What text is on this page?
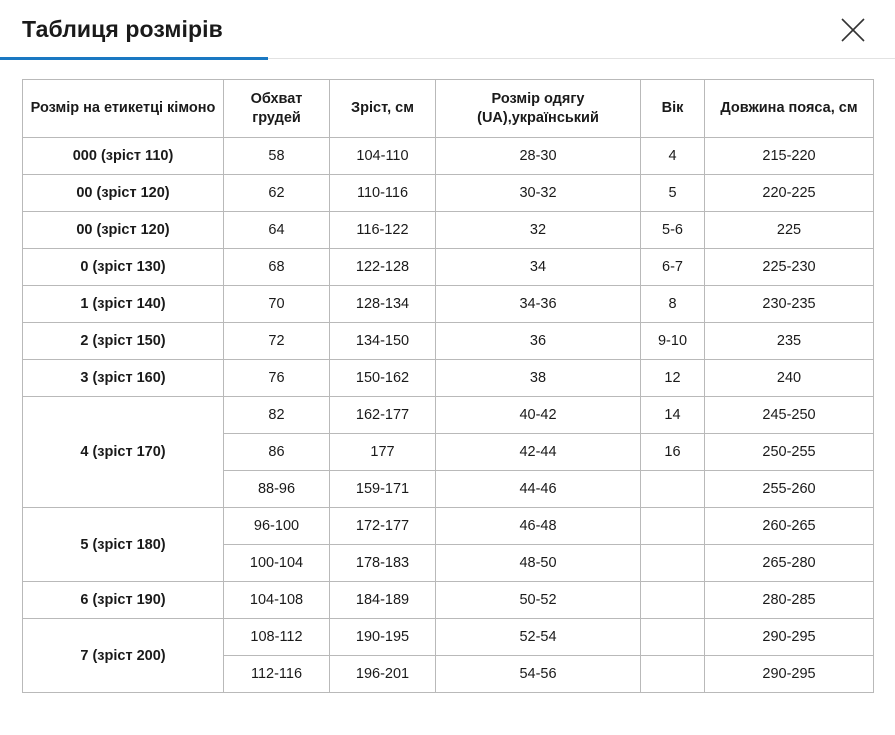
Таблиця розмірів
Розмір на етикетці кімоно	Обхват грудей	Зріст, см	Розмір одягу (UA),український	Вік	Довжина пояса, см
000 (зріст 110)	58	104-110	28-30	4	215-220
00 (зріст 120)	62	110-116	30-32	5	220-225
00 (зріст 120)	64	116-122	32	5-6	225
0 (зріст 130)	68	122-128	34	6-7	225-230
1 (зріст 140)	70	128-134	34-36	8	230-235
2 (зріст 150)	72	134-150	36	9-10	235
3 (зріст 160)	76	150-162	38	12	240
4 (зріст 170)	82	162-177	40-42	14	245-250
	86	177	42-44	16	250-255
	88-96	159-171	44-46		255-260
5 (зріст 180)	96-100	172-177	46-48		260-265
	100-104	178-183	48-50		265-280
6 (зріст 190)	104-108	184-189	50-52		280-285
7 (зріст 200)	108-112	190-195	52-54		290-295
	112-116	196-201	54-56		290-295
